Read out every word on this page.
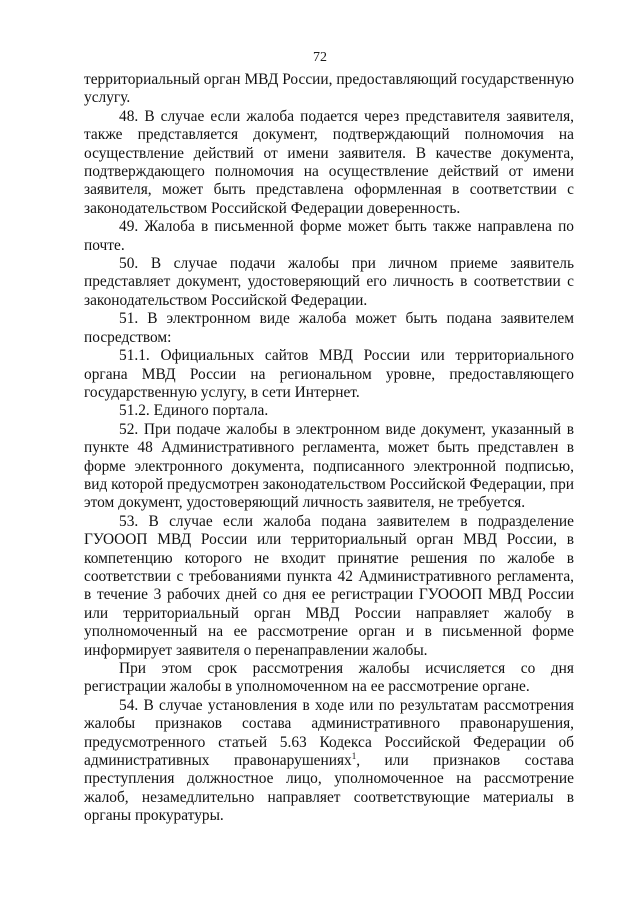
72

территориальный орган МВД России, предоставляющий государственную услугу.

48. В случае если жалоба подается через представителя заявителя, также представляется документ, подтверждающий полномочия на осуществление действий от имени заявителя. В качестве документа, подтверждающего полномочия на осуществление действий от имени заявителя, может быть представлена оформленная в соответствии с законодательством Российской Федерации доверенность.

49. Жалоба в письменной форме может быть также направлена по почте.

50. В случае подачи жалобы при личном приеме заявитель представляет документ, удостоверяющий его личность в соответствии с законодательством Российской Федерации.

51. В электронном виде жалоба может быть подана заявителем посредством:

51.1. Официальных сайтов МВД России или территориального органа МВД России на региональном уровне, предоставляющего государственную услугу, в сети Интернет.

51.2. Единого портала.

52. При подаче жалобы в электронном виде документ, указанный в пункте 48 Административного регламента, может быть представлен в форме электронного документа, подписанного электронной подписью, вид которой предусмотрен законодательством Российской Федерации, при этом документ, удостоверяющий личность заявителя, не требуется.

53. В случае если жалоба подана заявителем в подразделение ГУОООП МВД России или территориальный орган МВД России, в компетенцию которого не входит принятие решения по жалобе в соответствии с требованиями пункта 42 Административного регламента, в течение 3 рабочих дней со дня ее регистрации ГУОООП МВД России или территориальный орган МВД России направляет жалобу в уполномоченный на ее рассмотрение орган и в письменной форме информирует заявителя о перенаправлении жалобы.

При этом срок рассмотрения жалобы исчисляется со дня регистрации жалобы в уполномоченном на ее рассмотрение органе.

54. В случае установления в ходе или по результатам рассмотрения жалобы признаков состава административного правонарушения, предусмотренного статьей 5.63 Кодекса Российской Федерации об административных правонарушениях$^1$, или признаков состава преступления должностное лицо, уполномоченное на рассмотрение жалоб, незамедлительно направляет соответствующие материалы в органы прокуратуры.
